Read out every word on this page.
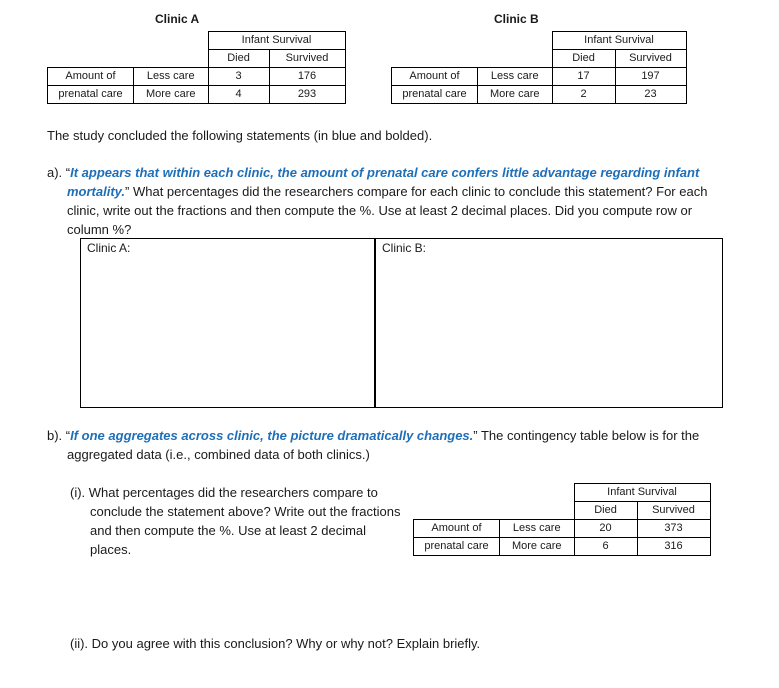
Clinic A
		Infant Survival	
		Died	Survived
Amount of	Less care	3	176
prenatal care	More care	4	293
Clinic B
		Infant Survival	
		Died	Survived
Amount of	Less care	17	197
prenatal care	More care	2	23
The study concluded the following statements (in blue and bolded).
a). “It appears that within each clinic, the amount of prenatal care confers little advantage regarding infant mortality.” What percentages did the researchers compare for each clinic to conclude this statement? For each clinic, write out the fractions and then compute the %. Use at least 2 decimal places. Did you compute row or column %?
Clinic A:	Clinic B:
b). “If one aggregates across clinic, the picture dramatically changes.” The contingency table below is for the aggregated data (i.e., combined data of both clinics.)
(i). What percentages did the researchers compare to conclude the statement above? Write out the fractions and then compute the %. Use at least 2 decimal places.
		Infant Survival	
		Died	Survived
Amount of	Less care	20	373
prenatal care	More care	6	316
(ii). Do you agree with this conclusion? Why or why not? Explain briefly.
